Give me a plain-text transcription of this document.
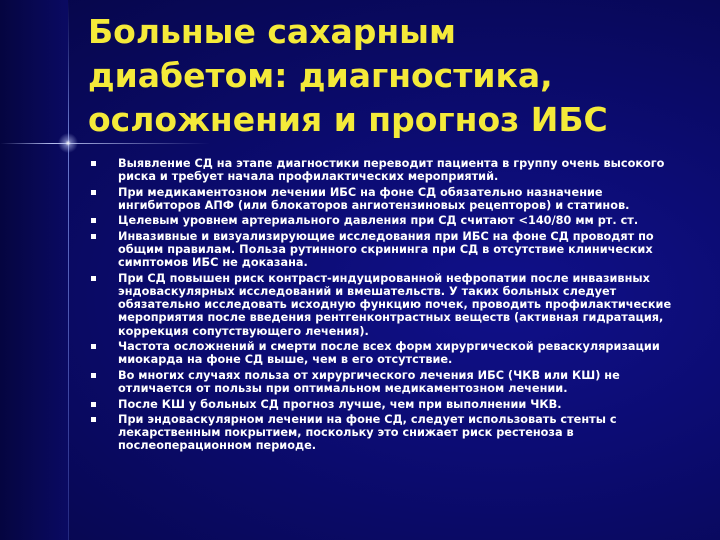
Больные сахарным
диабетом: диагностика,
осложнения и прогноз ИБС
Выявление СД на этапе диагностики переводит пациента в группу очень высокого риска и требует начала профилактических мероприятий.
При медикаментозном лечении ИБС на фоне СД обязательно назначение ингибиторов АПФ (или блокаторов ангиотензиновых рецепторов) и статинов.
Целевым уровнем артериального давления при СД считают <140/80 мм рт. ст.
Инвазивные и визуализирующие исследования при ИБС на фоне СД проводят по общим правилам. Польза рутинного скрининга при СД в отсутствие клинических симптомов ИБС не доказана.
При СД повышен риск контраст-индуцированной нефропатии после инвазивных эндоваскулярных исследований и вмешательств. У таких больных следует обязательно исследовать исходную функцию почек, проводить профилактические мероприятия после введения рентгенконтрастных веществ (активная гидратация, коррекция сопутствующего лечения).
Частота осложнений и смерти после всех форм хирургической реваскуляризации миокарда на фоне СД выше, чем в его отсутствие.
Во многих случаях польза от хирургического лечения ИБС (ЧКВ или КШ) не отличается от пользы при оптимальном медикаментозном лечении.
После КШ у больных СД прогноз лучше, чем при выполнении ЧКВ.
При эндоваскулярном лечении на фоне СД, следует использовать стенты с лекарственным покрытием, поскольку это снижает риск рестеноза в послеоперационном периоде.
